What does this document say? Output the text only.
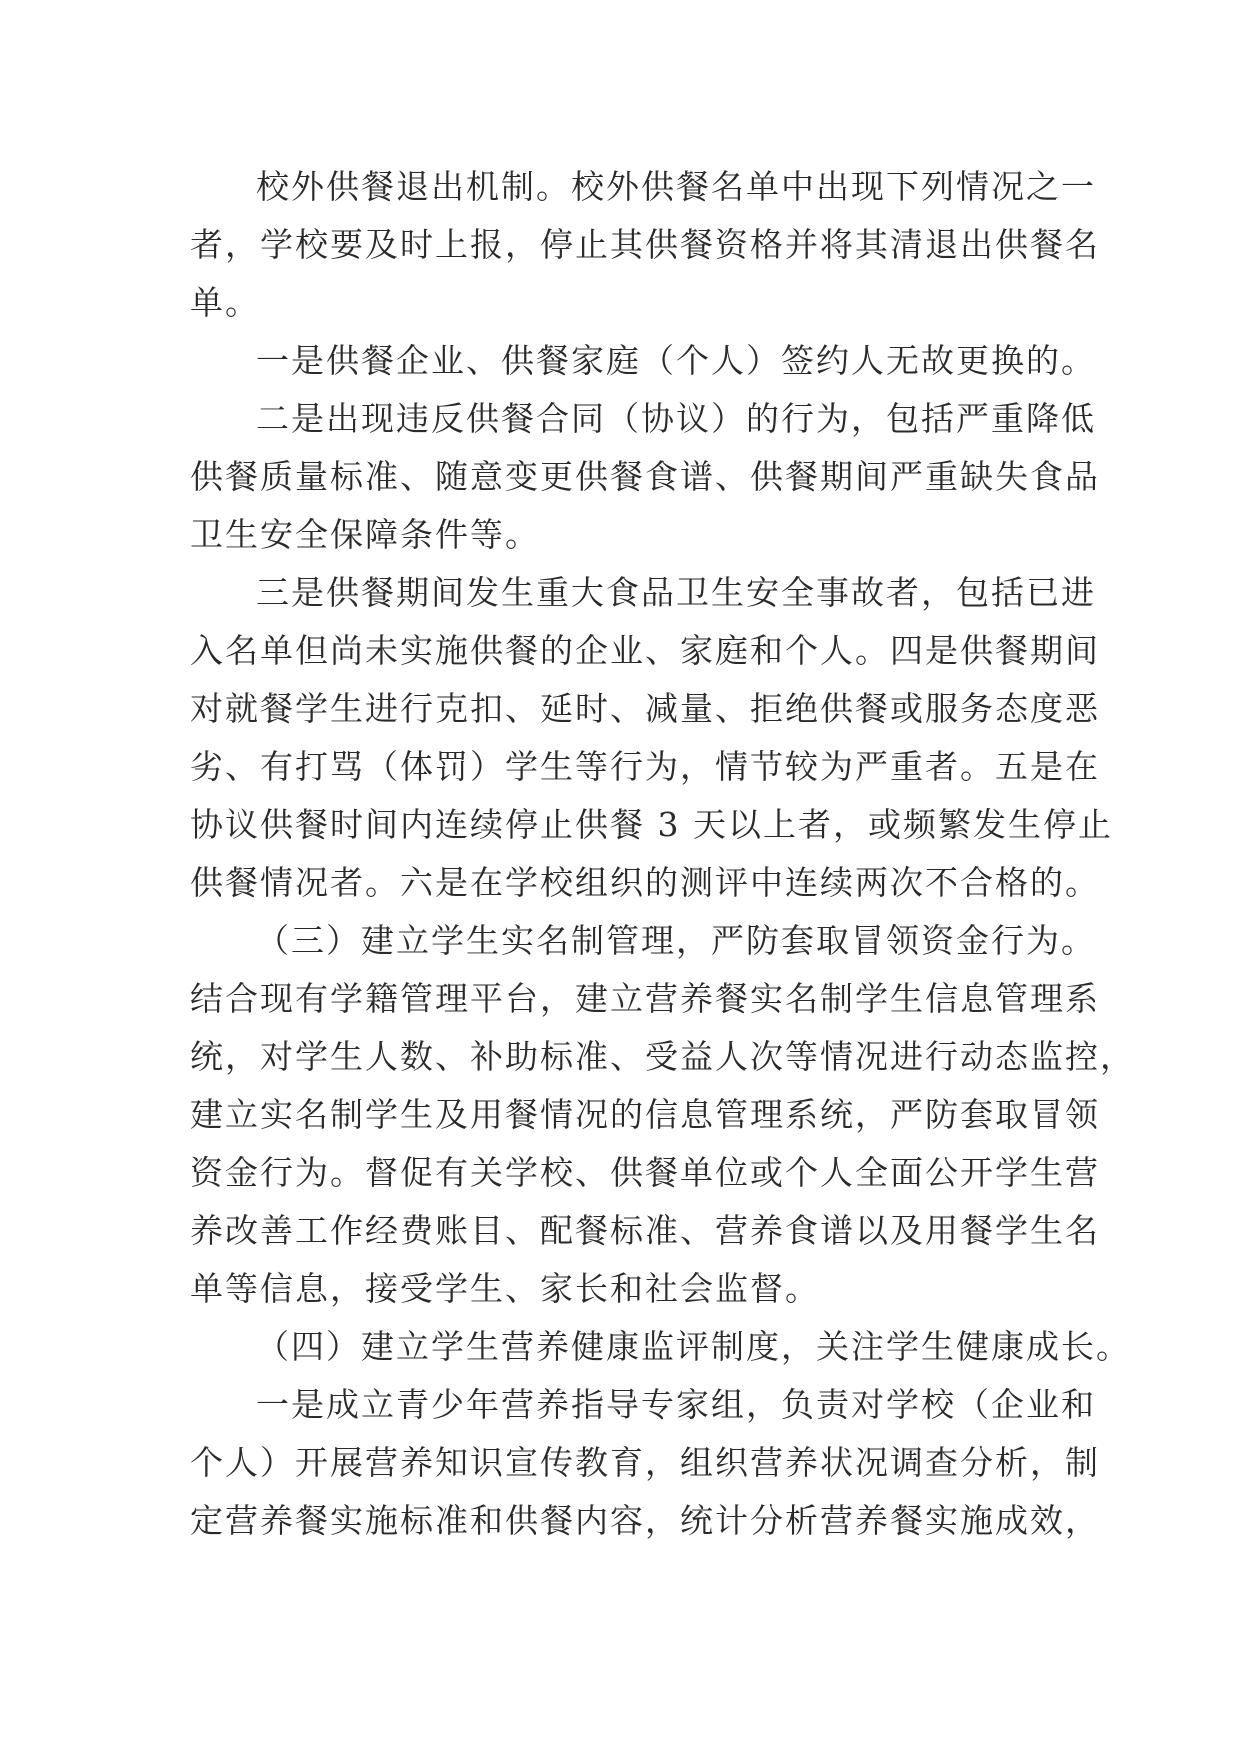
校外供餐退出机制。校外供餐名单中出现下列情况之一
者，学校要及时上报，停止其供餐资格并将其清退出供餐名
单。
一是供餐企业、供餐家庭（个人）签约人无故更换的。
二是出现违反供餐合同（协议）的行为，包括严重降低
供餐质量标准、随意变更供餐食谱、供餐期间严重缺失食品
卫生安全保障条件等。
三是供餐期间发生重大食品卫生安全事故者，包括已进
入名单但尚未实施供餐的企业、家庭和个人。四是供餐期间
对就餐学生进行克扣、延时、减量、拒绝供餐或服务态度恶
劣、有打骂（体罚）学生等行为，情节较为严重者。五是在
协议供餐时间内连续停止供餐 3 天以上者，或频繁发生停止
供餐情况者。六是在学校组织的测评中连续两次不合格的。
（三）建立学生实名制管理，严防套取冒领资金行为。
结合现有学籍管理平台，建立营养餐实名制学生信息管理系
统，对学生人数、补助标准、受益人次等情况进行动态监控，
建立实名制学生及用餐情况的信息管理系统，严防套取冒领
资金行为。督促有关学校、供餐单位或个人全面公开学生营
养改善工作经费账目、配餐标准、营养食谱以及用餐学生名
单等信息，接受学生、家长和社会监督。
（四）建立学生营养健康监评制度，关注学生健康成长。
一是成立青少年营养指导专家组，负责对学校（企业和
个人）开展营养知识宣传教育，组织营养状况调查分析，制
定营养餐实施标准和供餐内容，统计分析营养餐实施成效，
